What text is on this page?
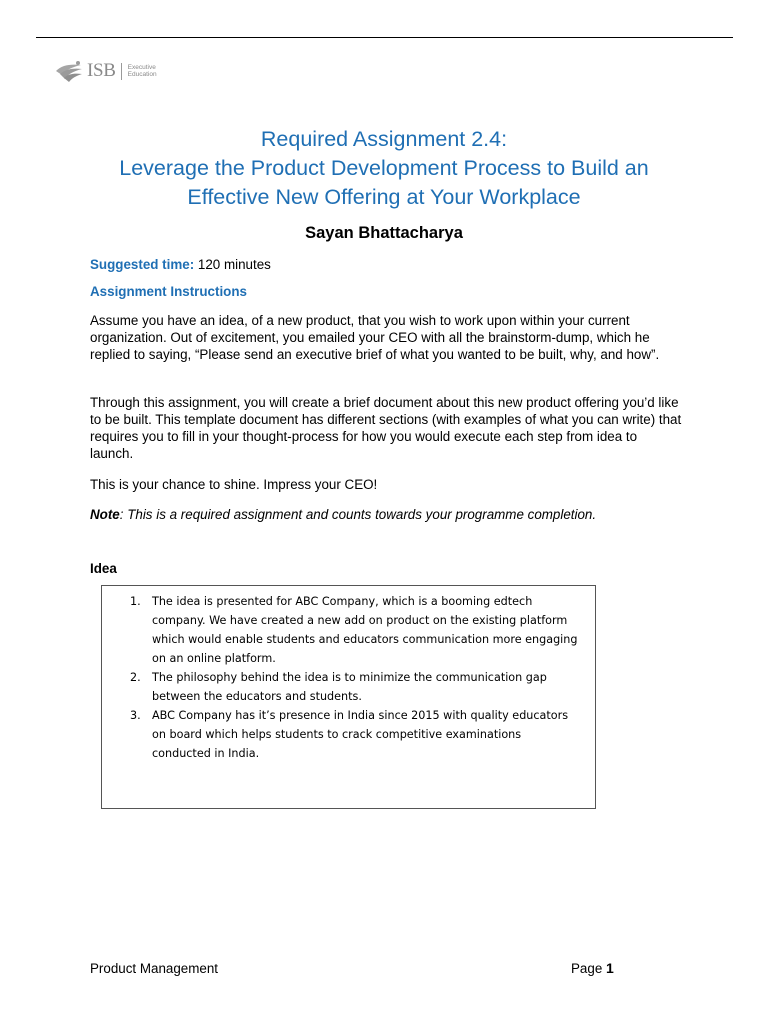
ISB Executive
Education
Required Assignment 2.4:
Leverage the Product Development Process to Build an
Effective New Offering at Your Workplace
Sayan Bhattacharya
Suggested time: 120 minutes
Assignment Instructions
Assume you have an idea, of a new product, that you wish to work upon within your current organization. Out of excitement, you emailed your CEO with all the brainstorm-dump, which he replied to saying, “Please send an executive brief of what you wanted to be built, why, and how”.
Through this assignment, you will create a brief document about this new product offering you’d like to be built. This template document has different sections (with examples of what you can write) that requires you to fill in your thought-process for how you would execute each step from idea to launch.
This is your chance to shine. Impress your CEO!
Note: This is a required assignment and counts towards your programme completion.
Idea
1. The idea is presented for ABC Company, which is a booming edtech company. We have created a new add on product on the existing platform which would enable students and educators communication more engaging on an online platform.
2. The philosophy behind the idea is to minimize the communication gap between the educators and students.
3. ABC Company has it’s presence in India since 2015 with quality educators on board which helps students to crack competitive examinations conducted in India.
Product Management	Page 1
